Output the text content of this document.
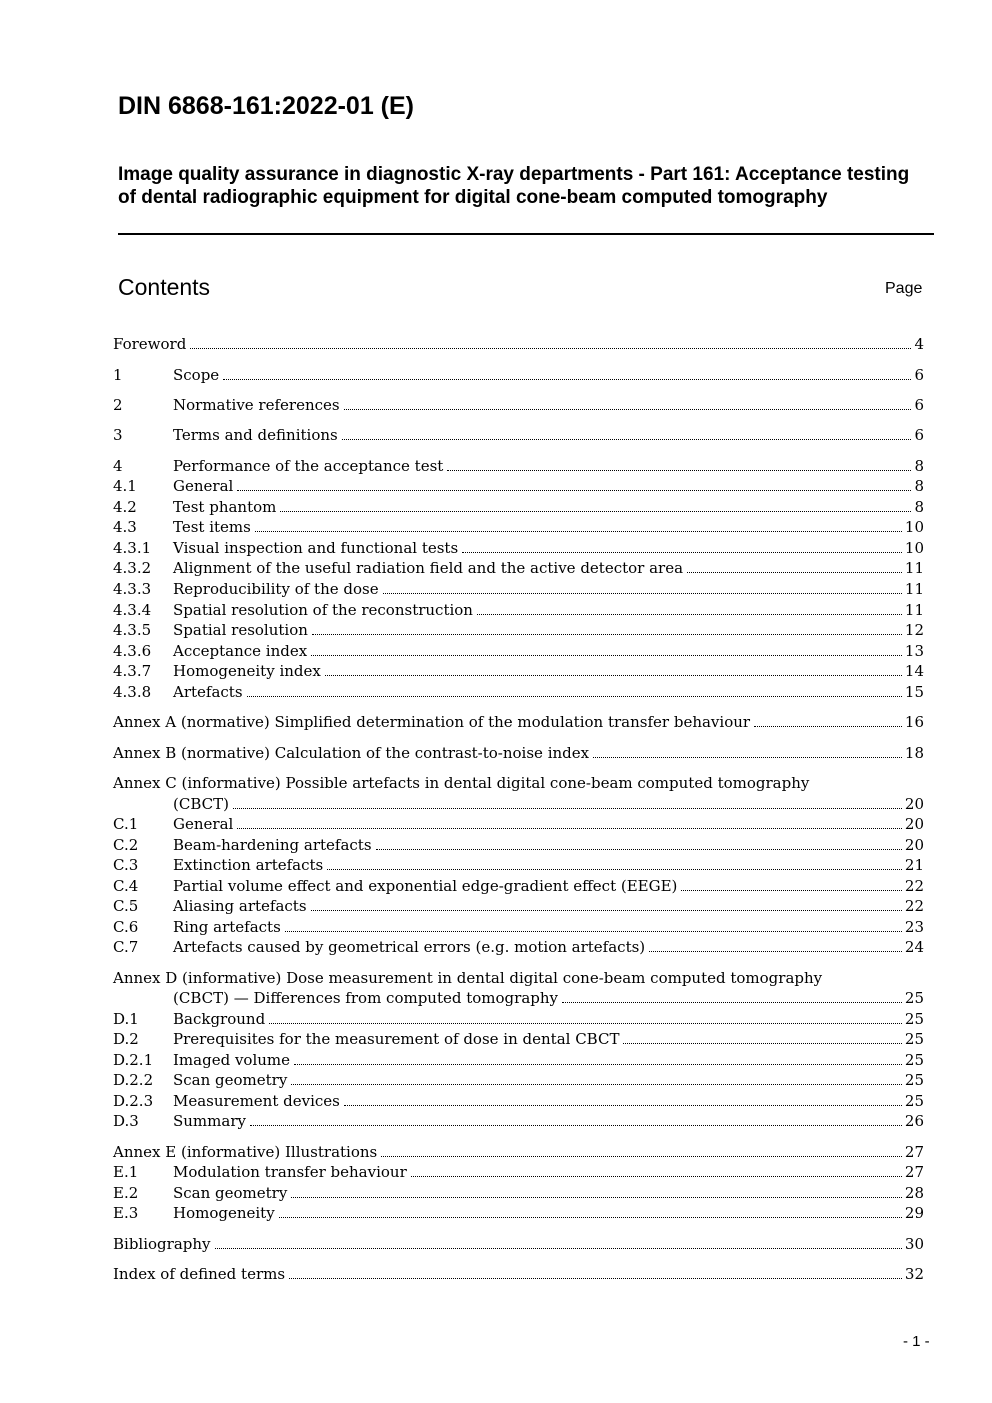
DIN 6868-161:2022-01 (E)
Image quality assurance in diagnostic X-ray departments - Part 161: Acceptance testing of dental radiographic equipment for digital cone-beam computed tomography
Contents	Page
Foreword	4
1	Scope	6
2	Normative references	6
3	Terms and definitions	6
4	Performance of the acceptance test	8
4.1 General	8
4.2 Test phantom	8
4.3 Test items	10
4.3.1 Visual inspection and functional tests	10
4.3.2 Alignment of the useful radiation field and the active detector area	11
4.3.3 Reproducibility of the dose	11
4.3.4 Spatial resolution of the reconstruction	11
4.3.5 Spatial resolution	12
4.3.6 Acceptance index	13
4.3.7 Homogeneity index	14
4.3.8 Artefacts	15
Annex A (normative) Simplified determination of the modulation transfer behaviour	16
Annex B (normative) Calculation of the contrast-to-noise index	18
Annex C (informative) Possible artefacts in dental digital cone-beam computed tomography
(CBCT)	20
C.1 General	20
C.2 Beam-hardening artefacts	20
C.3 Extinction artefacts	21
C.4 Partial volume effect and exponential edge-gradient effect (EEGE)	22
C.5 Aliasing artefacts	22
C.6 Ring artefacts	23
C.7 Artefacts caused by geometrical errors (e.g. motion artefacts)	24
Annex D (informative) Dose measurement in dental digital cone-beam computed tomography
(CBCT) — Differences from computed tomography	25
D.1 Background	25
D.2 Prerequisites for the measurement of dose in dental CBCT	25
D.2.1 Imaged volume	25
D.2.2 Scan geometry	25
D.2.3 Measurement devices	25
D.3 Summary	26
Annex E (informative) Illustrations	27
E.1 Modulation transfer behaviour	27
E.2 Scan geometry	28
E.3 Homogeneity	29
Bibliography	30
Index of defined terms	32
- 1 -
